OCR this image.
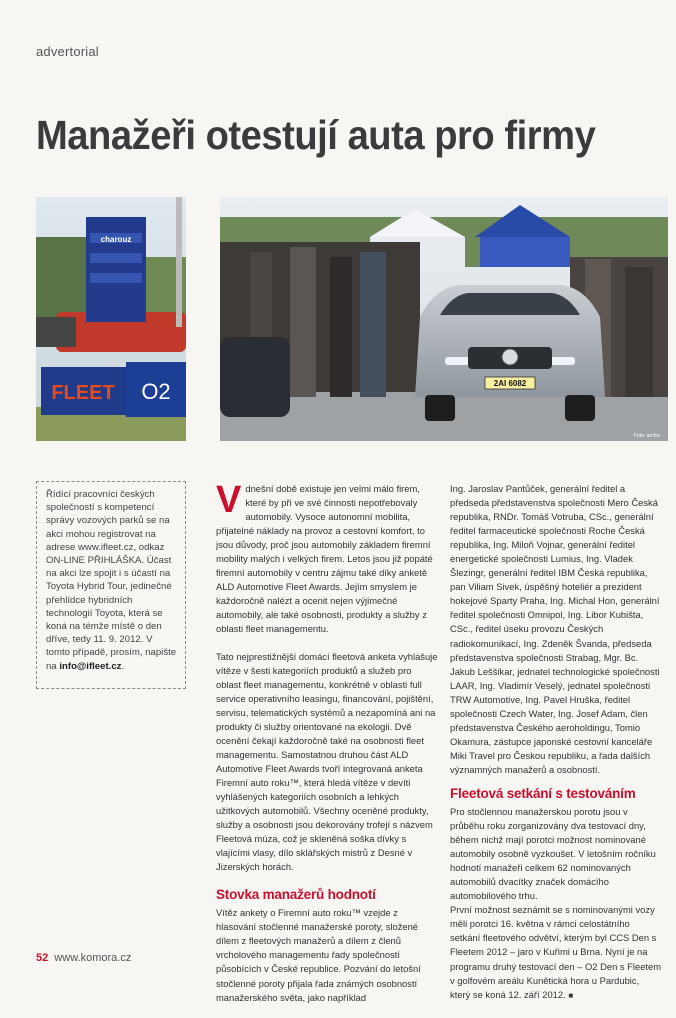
advertorial
Manažeři otestují auta pro firmy
charouz
FLEET O2	2AI 6082
Foto: archiv
Řídící pracovníci českých společností s kompetencí správy vozových parků se na akci mohou registrovat na adrese www.ifleet.cz, odkaz ON-LINE PŘIHLÁŠKA. Účast na akci lze spojit i s účastí na Toyota Hybrid Tour, jedinečné přehlídce hybridních technologií Toyota, která se koná na témže místě o den dříve, tedy 11. 9. 2012. V tomto případě, prosím, napište na info@ifleet.cz.

Vdnešní době existuje jen velmi málo firem, které by při ve své činnosti nepotřebovaly automobily. Vysoce autonomní mobilita, přijatelné náklady na provoz a cestovní komfort, to jsou důvody, proč jsou automobily základem firemní mobility malých i velkých firem. Letos jsou již popáté firemní automobily v centru zájmu také díky anketě ALD Automotive Fleet Awards. Jejím smyslem je každoročně nalézt a ocenit nejen výjimečné automobily, ale také osobnosti, produkty a služby z oblasti fleet managementu.

Tato nejprestižnější domácí fleetová anketa vyhlašuje vítěze v šesti kategoriích produktů a služeb pro oblast fleet managementu, konkrétně v oblasti full service operativního leasingu, financování, pojištění, servisu, telematických systémů a nezapomíná ani na produkty či služby orientované na ekologii. Dvě ocenění čekají každoročně také na osobnosti fleet managementu. Samostatnou druhou část ALD Automotive Fleet Awards tvoří integrovaná anketa Firemní auto roku™, která hledá vítěze v devíti vyhlášených kategoriích osobních a lehkých užitkových automobilů. Všechny oceněné produkty, služby a osobnosti jsou dekorovány trofejí s názvem Fleetová múza, což je skleněná soška dívky s vlajícími vlasy, dílo sklářských mistrů z Desné v Jizerských horách.

Stovka manažerů hodnotí

Vítěz ankety o Firemní auto roku™ vzejde z hlasování stočlenné manažerské poroty, složené dílem z fleetových manažerů a dílem z členů vrcholového managementu řady společností působících v České republice. Pozvání do letošní stočlenné poroty přijala řada známých osobností manažerského světa, jako například

Ing. Jaroslav Pantůček, generální ředitel a předseda představenstva společnosti Mero Česká republika, RNDr. Tomáš Votruba, CSc., generální ředitel farmaceutické společnosti Roche Česká republika, Ing. Miloň Vojnar, generální ředitel energetické společnosti Lumius, Ing. Vladek Šlezingr, generální ředitel IBM Česká republika, pan Viliam Sivek, úspěšný hoteliér a prezident hokejové Sparty Praha, Ing. Michal Hon, generální ředitel společnosti Omnipol, Ing. Libor Kubišta, CSc., ředitel úseku provozu Českých radiokomunikací, Ing. Zdeněk Švanda, předseda představenstva společnosti Strabag, Mgr. Bc. Jakub Leššikar, jednatel technologické společnosti LAAR, Ing. Vladimír Veselý, jednatel společnosti TRW Automotive, Ing. Pavel Hruška, ředitel společnosti Czech Water, Ing. Josef Adam, člen představenstva Českého aeroholdingu, Tomio Okamura, zástupce japonské cestovní kanceláře Miki Travel pro Českou republiku, a řada dalších významných manažerů a osobností.

Fleetová setkání s testováním

Pro stočlennou manažerskou porotu jsou v průběhu roku zorganizovány dva testovací dny, během nichž mají porotci možnost nominované automobily osobně vyzkoušet. V letošním ročníku hodnotí manažeři celkem 62 nominovaných automobilů dvacítky značek domácího automobilového trhu.

První možnost seznámit se s nominovanými vozy měli porotci 16. května v rámci celostátního setkání fleetového odvětví, kterým byl CCS Den s Fleetem 2012 – jaro v Kuřimi u Brna. Nyní je na programu druhý testovací den – O2 Den s Fleetem v golfovém areálu Kunětická hora u Pardubic, který se koná 12. září 2012. ■

52 www.komora.cz
